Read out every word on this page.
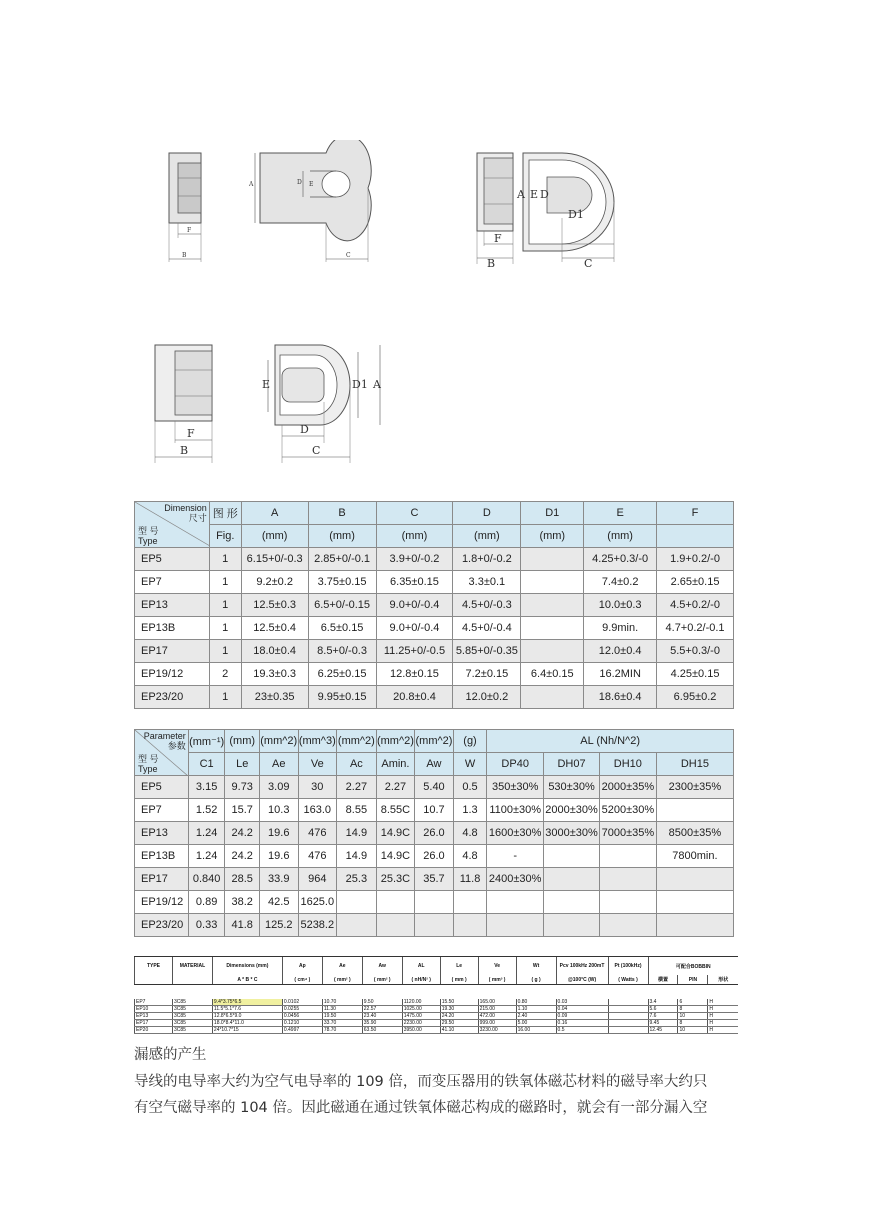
F
B
A	D E
C
F
B
A E D
D1
C
F
B
E	D1 A
D
C
Dimension
尺寸
型 号
Type	图 形	A	B	C	D	D1	E	F
	Fig.	(mm)	(mm)	(mm)	(mm)	(mm)	(mm)	
EP5	1	6.15+0/-0.3	2.85+0/-0.1	3.9+0/-0.2	1.8+0/-0.2		4.25+0.3/-0	1.9+0.2/-0
EP7	1	9.2±0.2	3.75±0.15	6.35±0.15	3.3±0.1		7.4±0.2	2.65±0.15
EP13	1	12.5±0.3	6.5+0/-0.15	9.0+0/-0.4	4.5+0/-0.3		10.0±0.3	4.5+0.2/-0
EP13B	1	12.5±0.4	6.5±0.15	9.0+0/-0.4	4.5+0/-0.4		9.9min.	4.7+0.2/-0.1
EP17	1	18.0±0.4	8.5+0/-0.3	11.25+0/-0.5	5.85+0/-0.35		12.0±0.4	5.5+0.3/-0
EP19/12	2	19.3±0.3	6.25±0.15	12.8±0.15	7.2±0.15	6.4±0.15	16.2MIN	4.25±0.15
EP23/20	1	23±0.35	9.95±0.15	20.8±0.4	12.0±0.2		18.6±0.4	6.95±0.2
Parameter
参数
型 号
Type	(mm⁻¹)	(mm)	(mm^2)	(mm^3)	(mm^2)	(mm^2)	(mm^2)	(g)	AL (Nh/N^2)			
	C1	Le	Ae	Ve	Ac	Amin.	Aw	W	DP40	DH07	DH10	DH15
EP5	3.15	9.73	3.09	30	2.27	2.27	5.40	0.5	350±30%	530±30%	2000±35%	2300±35%
EP7	1.52	15.7	10.3	163.0	8.55	8.55C	10.7	1.3	1100±30%	2000±30%	5200±30%	
EP13	1.24	24.2	19.6	476	14.9	14.9C	26.0	4.8	1600±30%	3000±30%	7000±35%	8500±35%
EP13B	1.24	24.2	19.6	476	14.9	14.9C	26.0	4.8	-			7800min.
EP17	0.840	28.5	33.9	964	25.3	25.3C	35.7	11.8	2400±30%			
EP19/12	0.89	38.2	42.5	1625.0								
EP23/20	0.33	41.8	125.2	5238.2								
TYPE	MATERIAL	Dimensions (mm)	Ap	Ae	Aw	AL	Le	Ve	Wt	Pcv 100kHz 200mT	Pt (100kHz)	可配合BOBBIN		
		A * B * C	( cm⁴ )	( mm² )	( mm² )	( nH/N² )	( mm )	( mm³ )	( g )	@100°C (W)	( Watts )	横置	PIN	形状

EP7	3C85	9.4*3.75*6.5	0.0102	10.70	9.50	1120.00	15.50	165.00	0.80	0.03		3.4	6	H
EP10	3C85	11.5*5.1*7.6	0.0255	11.30	22.57	1025.00	19.30	215.00	1.10	0.04		5.6	8	H
EP13	3C85	12.8*6.5*9.0	0.0456	19.50	23.40	1475.00	24.20	472.00	2.40	0.09		7.6	10	H
EP17	3C85	18.0*8.4*11.0	0.1210	33.70	35.90	2230.00	29.50	999.00	5.00	0.16		9.45	8	H
EP20	3C85	24*10.7*15	0.4997	78.70	63.50	3950.00	41.10	3230.00	16.00	0.5		12.45	10	H
漏感的产生
导线的电导率大约为空气电导率的 109 倍，而变压器用的铁氧体磁芯材料的磁导率大约只
有空气磁导率的 104 倍。因此磁通在通过铁氧体磁芯构成的磁路时，就会有一部分漏入空
